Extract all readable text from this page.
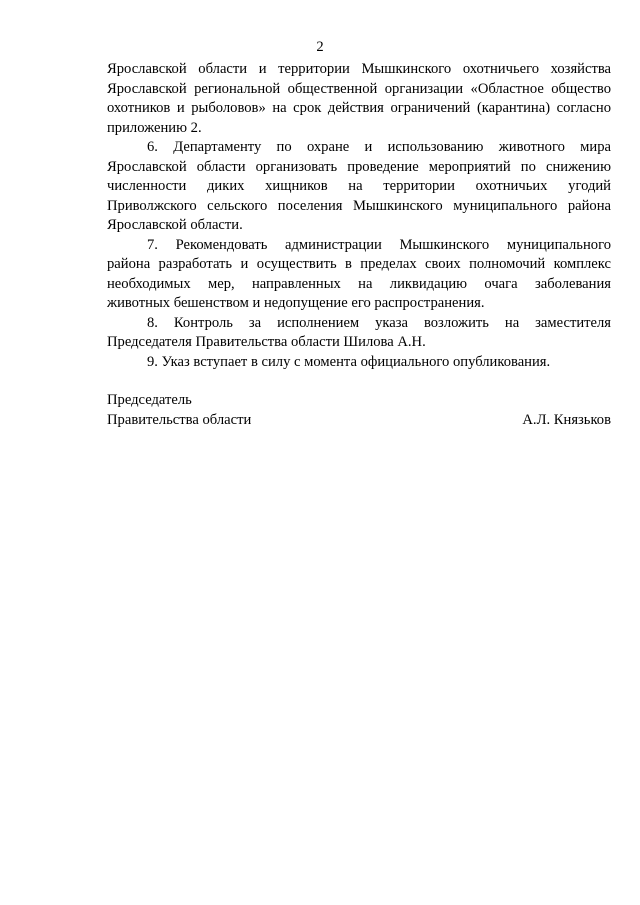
2
Ярославской области и территории Мышкинского охотничьего хозяйства
Ярославской региональной общественной организации «Областное общество
охотников и рыболовов» на срок действия ограничений (карантина) согласно
приложению 2.
6. Департаменту по охране и использованию животного мира
Ярославской области организовать проведение мероприятий по снижению
численности диких хищников на территории охотничьих угодий
Приволжского сельского поселения Мышкинского муниципального района
Ярославской области.
7. Рекомендовать администрации Мышкинского муниципального
района разработать и осуществить в пределах своих полномочий комплекс
необходимых мер, направленных на ликвидацию очага заболевания
животных бешенством и недопущение его распространения.
8. Контроль за исполнением указа возложить на заместителя
Председателя Правительства области Шилова А.Н.
9. Указ вступает в силу с момента официального опубликования.
Председатель
Правительства области	А.Л. Князьков
